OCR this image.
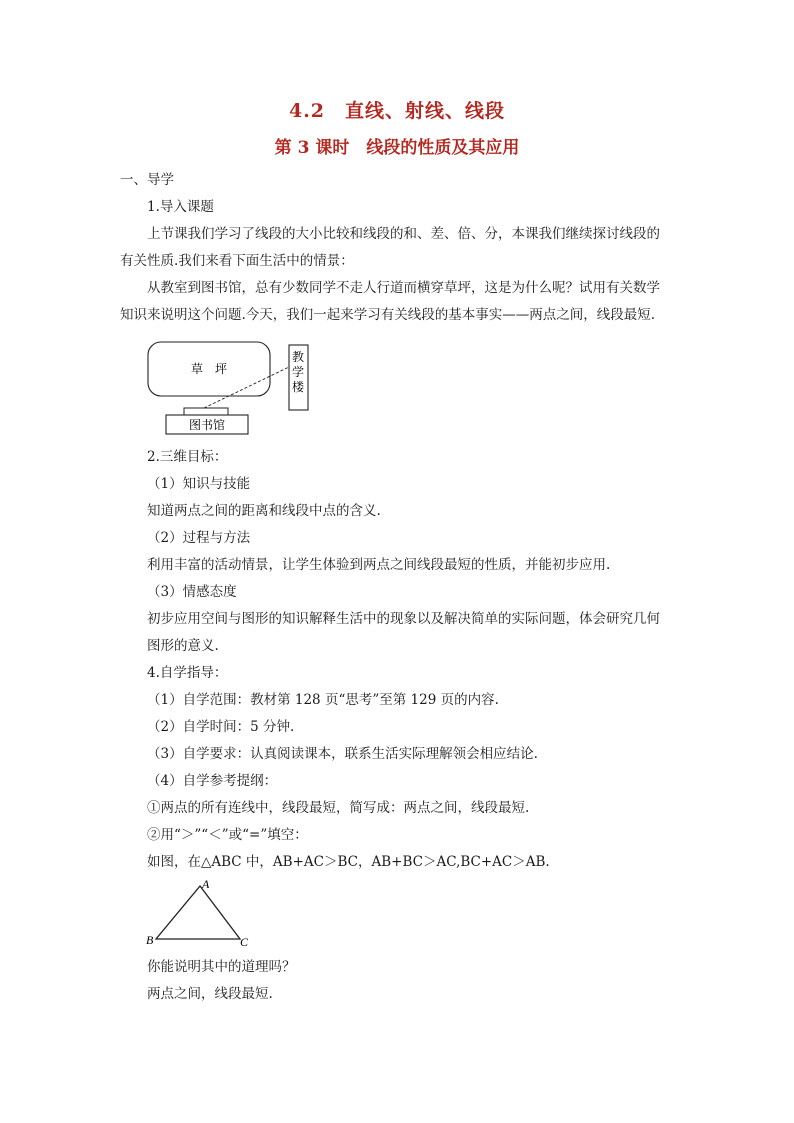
4.2　直线、射线、线段
第 3 课时　线段的性质及其应用
一、导学
1.导入课题
上节课我们学习了线段的大小比较和线段的和、差、倍、分，本课我们继续探讨线段的
有关性质.我们来看下面生活中的情景：
从教室到图书馆，总有少数同学不走人行道而横穿草坪，这是为什么呢？试用有关数学
知识来说明这个问题.今天，我们一起来学习有关线段的基本事实——两点之间，线段最短.
草　坪
教
学
楼
图书馆
2.三维目标：
（1）知识与技能
知道两点之间的距离和线段中点的含义.
（2）过程与方法
利用丰富的活动情景，让学生体验到两点之间线段最短的性质，并能初步应用.
（3）情感态度
初步应用空间与图形的知识解释生活中的现象以及解决简单的实际问题，体会研究几何
图形的意义.
4.自学指导：
（1）自学范围：教材第 128 页“思考”至第 129 页的内容.
（2）自学时间：5 分钟.
（3）自学要求：认真阅读课本，联系生活实际理解领会相应结论.
（4）自学参考提纲：
①两点的所有连线中，线段最短，简写成：两点之间，线段最短.
②用“＞”“＜”或“=”填空：
如图，在△ABC 中，AB+AC＞BC，AB+BC＞AC,BC+AC＞AB.
A
B	C
你能说明其中的道理吗？
两点之间，线段最短.
